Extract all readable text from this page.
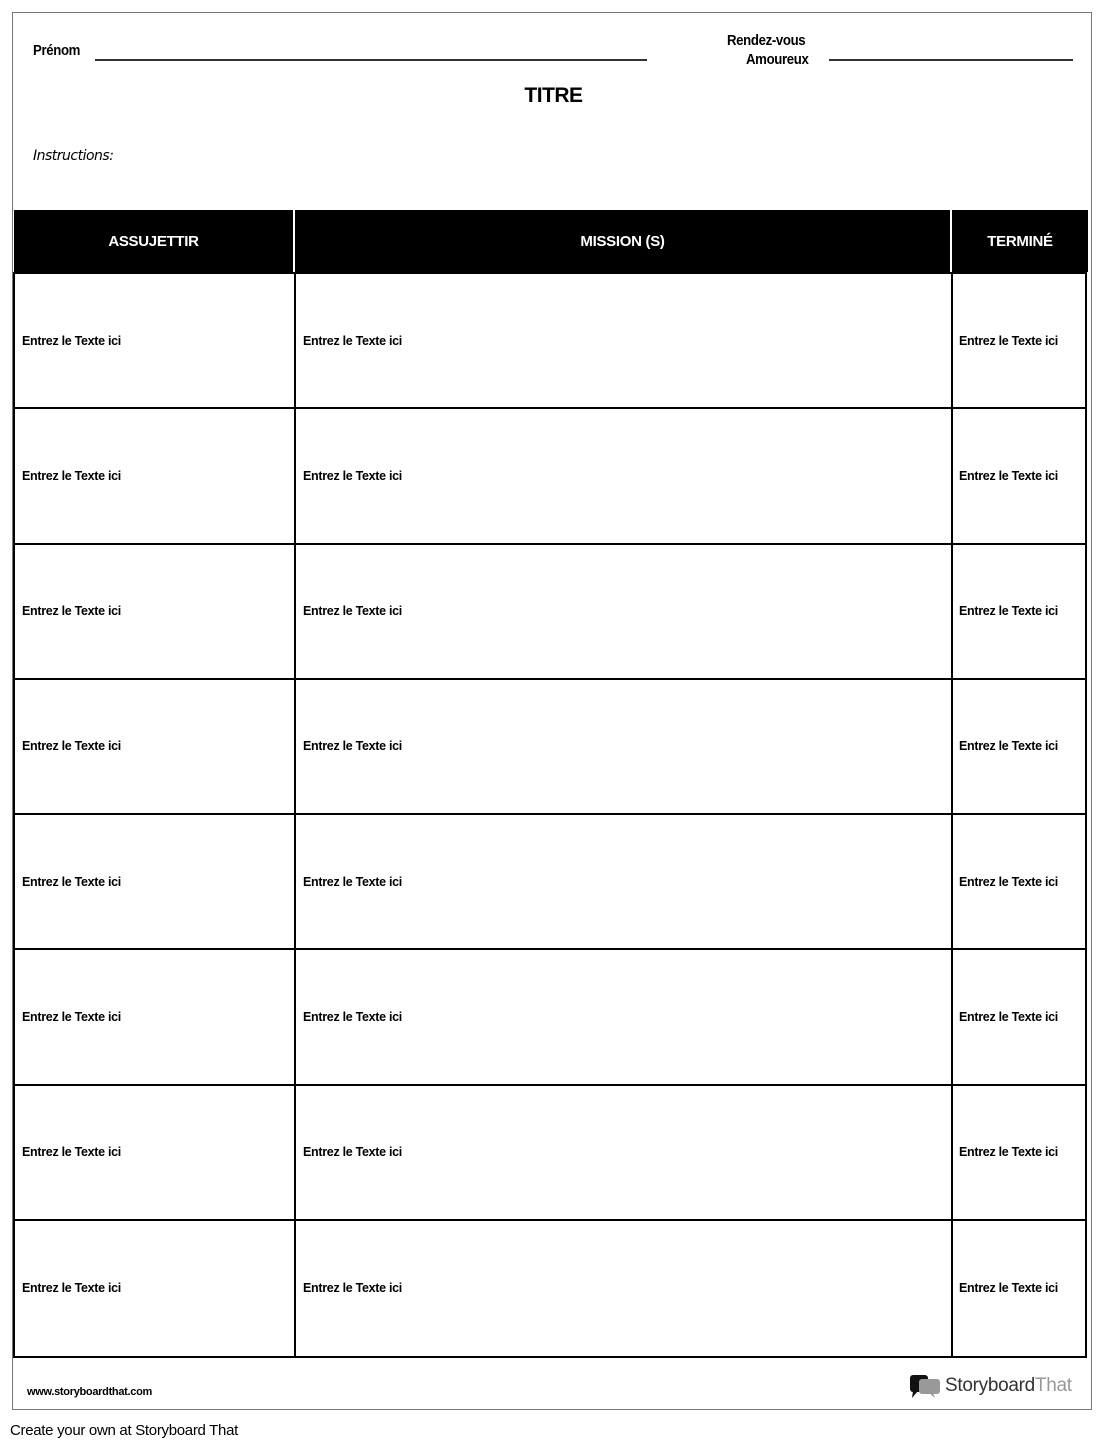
Prénom
Rendez-vous
Amoureux
TITRE
Instructions:
ASSUJETTIR	MISSION (S)	TERMINÉ
Entrez le Texte ici	Entrez le Texte ici	Entrez le Texte ici
Entrez le Texte ici	Entrez le Texte ici	Entrez le Texte ici
Entrez le Texte ici	Entrez le Texte ici	Entrez le Texte ici
Entrez le Texte ici	Entrez le Texte ici	Entrez le Texte ici
Entrez le Texte ici	Entrez le Texte ici	Entrez le Texte ici
Entrez le Texte ici	Entrez le Texte ici	Entrez le Texte ici
Entrez le Texte ici	Entrez le Texte ici	Entrez le Texte ici
Entrez le Texte ici	Entrez le Texte ici	Entrez le Texte ici
www.storyboardthat.com	StoryboardThat
Create your own at Storyboard That
